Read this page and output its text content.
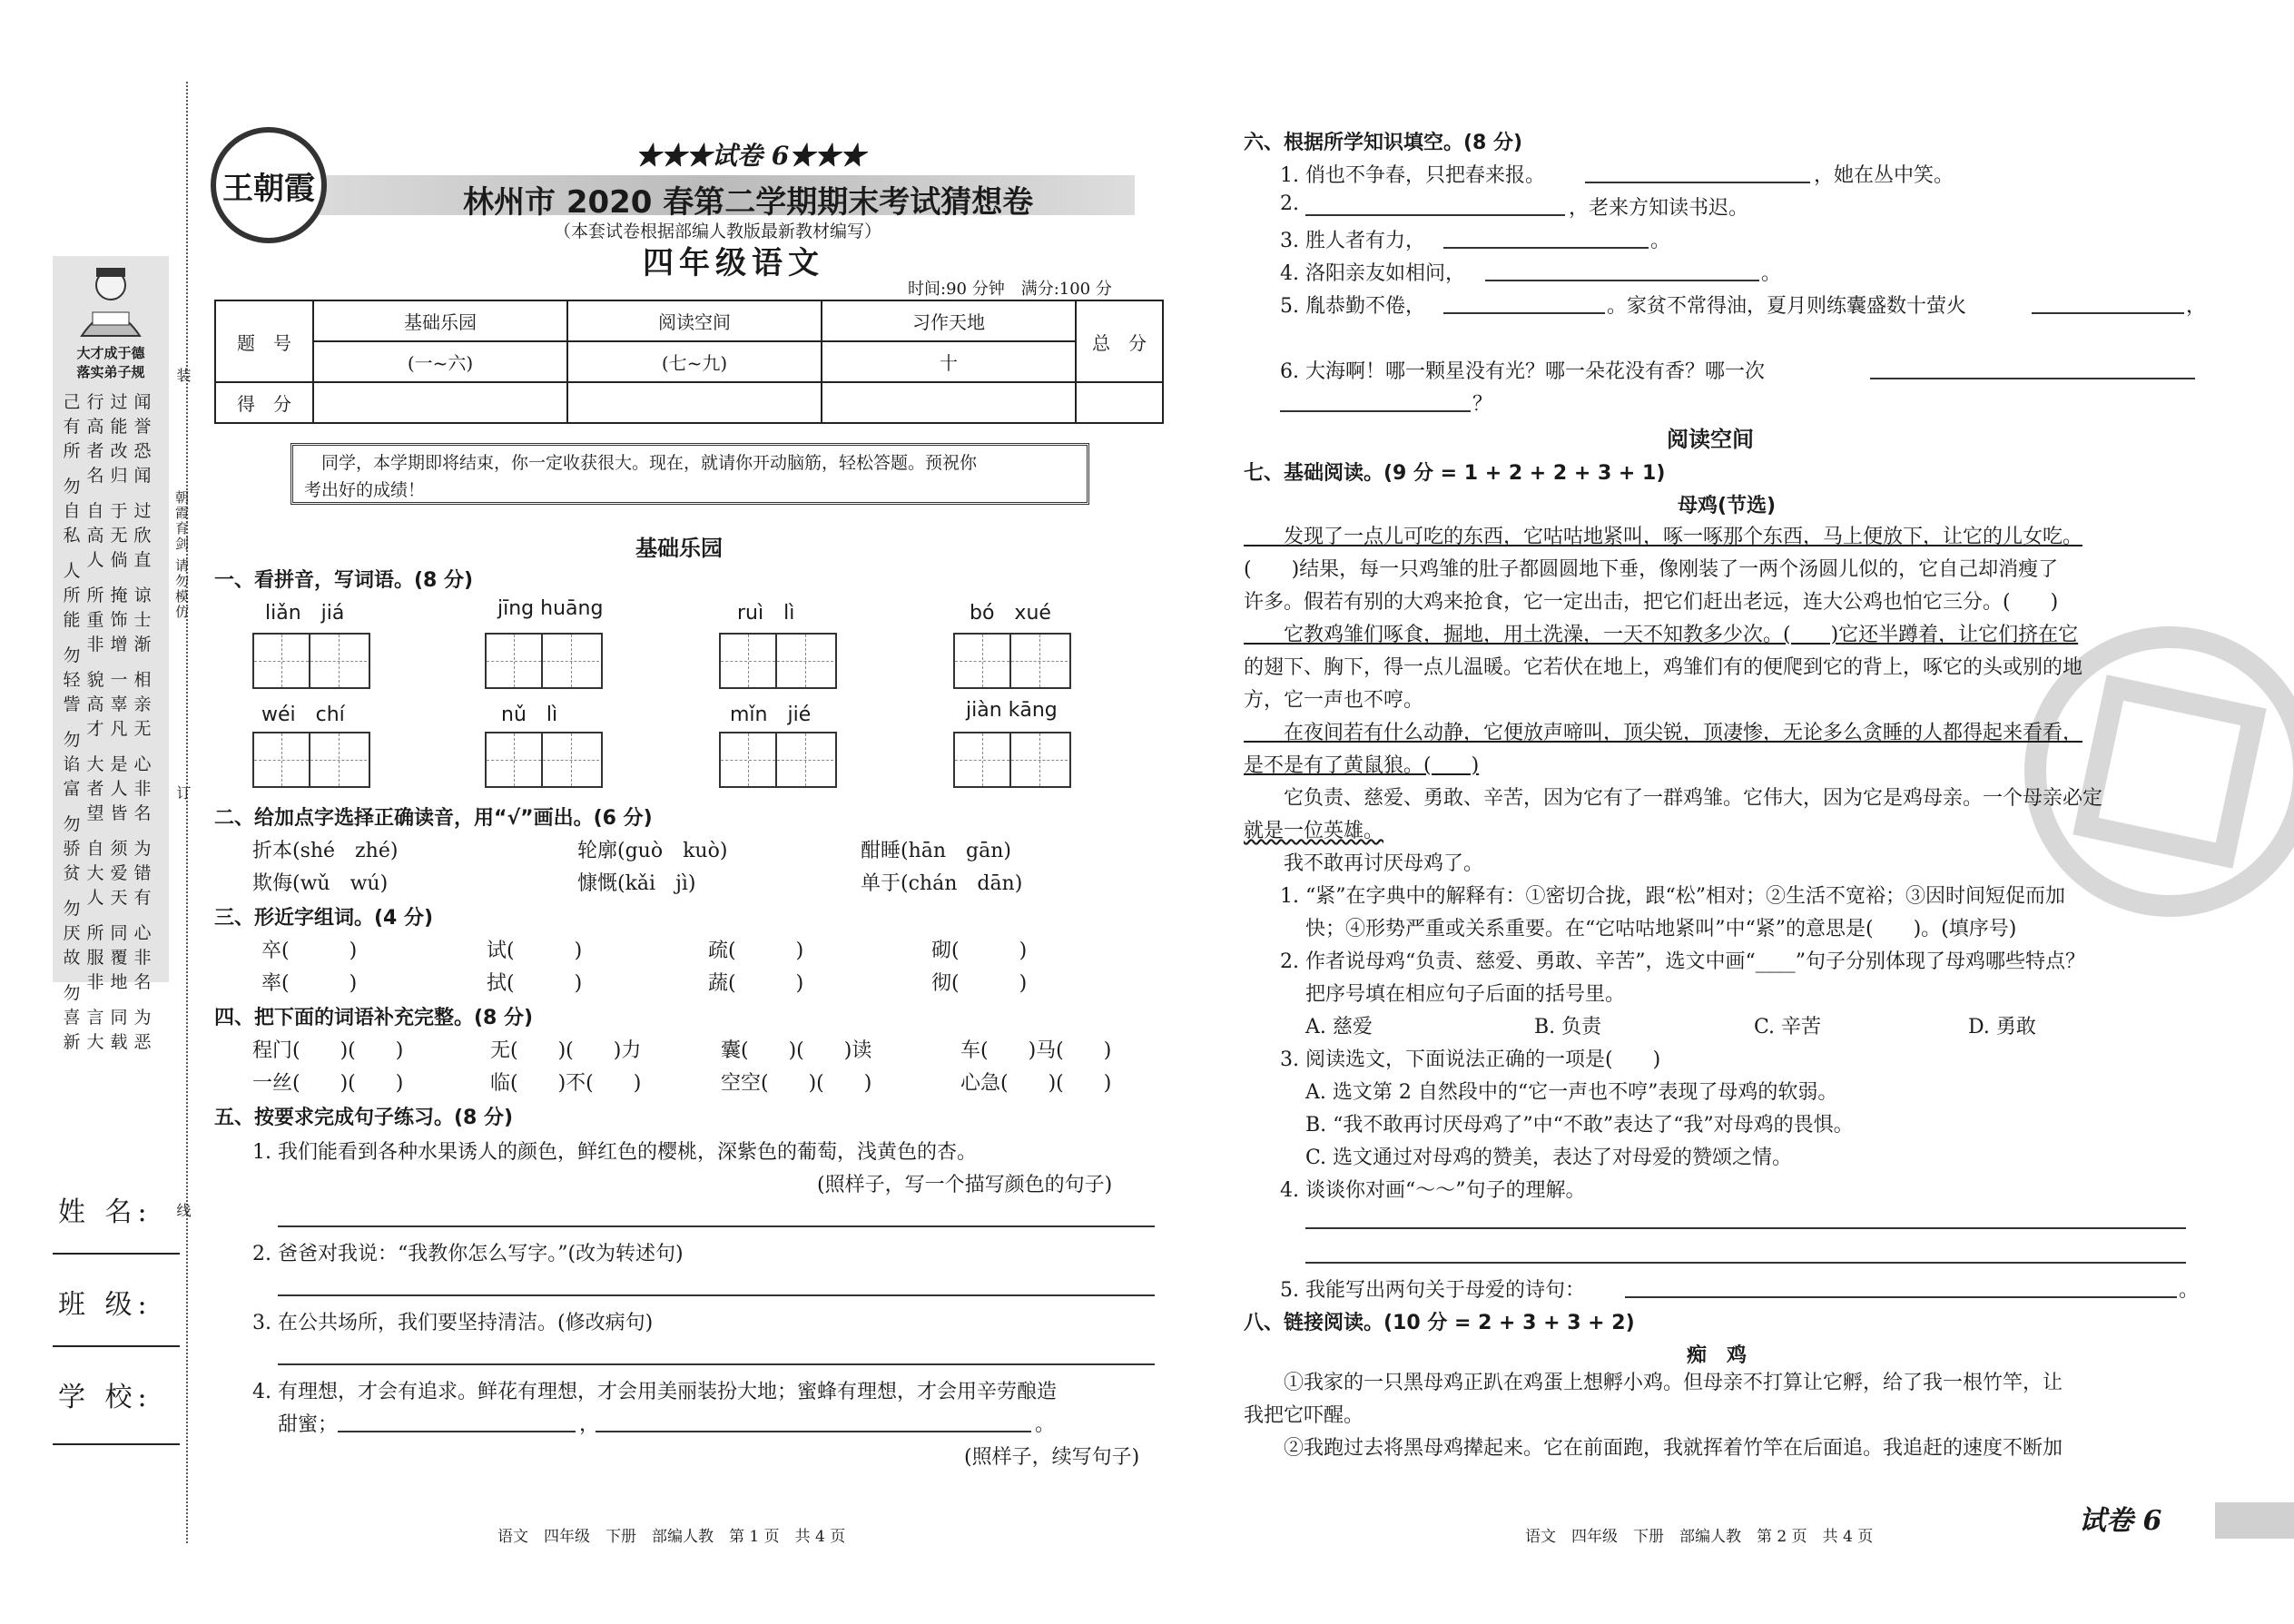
装
订
线
朝霞育剑 请勿模仿
大才成于德
落实弟子规
己 行 过 闻
有 高 能 誉
所 者 改 恐
勿
名 归 闻
自 自 于 过
私 高 无 欣
人
人 倘 直
所 所 掩 谅
能 重 饰 士
勿
非 增 渐
轻 貌 一 相
訾 高 辜 亲
勿
才 凡 无
谄 大 是 心
富 者 人 非
勿
望 皆 名
骄 自 须 为
贫 大 爱 错
勿
人 天 有
厌 所 同 心
故 服 覆 非
勿
非 地 名
喜 言 同 为
新 大 载 恶
姓 名:
班 级:
学 校:
王朝霞
★★★试卷 6★★★
林州市 2020 春第二学期期末考试猜想卷
（本套试卷根据部编人教版最新教材编写）
四年级语文
时间:90 分钟　满分:100 分
题　号	基础乐园	阅读空间	习作天地	总　分
	(一~六)	(七~九)	十	
得　分				
　同学，本学期即将结束，你一定收获很大。现在，就请你开动脑筋，轻松答题。预祝你
考出好的成绩！
基础乐园
一、看拼音，写词语。(8 分)
liǎn　jiá	jīng huāng	ruì　lì	bó　xué
wéi　chí	nǔ　lì	mǐn　jié	jiàn kāng
二、给加点字选择正确读音，用“√”画出。(6 分)
折本(shé　zhé)	轮廓(guò　kuò)	酣睡(hān　gān)
欺侮(wǔ　wú)	慷慨(kǎi　jì)	单于(chán　dān)
三、形近字组词。(4 分)
卒(　　　)	试(　　　)	疏(　　　)	砌(　　　)
率(　　　)	拭(　　　)	蔬(　　　)	彻(　　　)
四、把下面的词语补充完整。(8 分)
程门(　　)(　　)	无(　　)(　　)力	囊(　　)(　　)读	车(　　)马(　　)
一丝(　　)(　　)	临(　　)不(　　)	空空(　　)(　　)	心急(　　)(　　)
五、按要求完成句子练习。(8 分)
1. 我们能看到各种水果诱人的颜色，鲜红色的樱桃，深紫色的葡萄，浅黄色的杏。
(照样子，写一个描写颜色的句子)
2. 爸爸对我说：“我教你怎么写字。”(改为转述句)
3. 在公共场所，我们要坚持清洁。(修改病句)
4. 有理想，才会有追求。鲜花有理想，才会用美丽装扮大地；蜜蜂有理想，才会用辛劳酿造
甜蜜；	，	。
(照样子，续写句子)
语文　四年级　下册　部编人教　第 1 页　共 4 页
六、根据所学知识填空。(8 分)
1. 俏也不争春，只把春来报。	，她在丛中笑。
2.	，老来方知读书迟。
3. 胜人者有力，	。
4. 洛阳亲友如相问，	。
5. 胤恭勤不倦，	。家贫不常得油，夏月则练囊盛数十萤火	，
6. 大海啊！哪一颗星没有光？哪一朵花没有香？哪一次
？
阅读空间
七、基础阅读。(9 分 = 1 + 2 + 2 + 3 + 1)
母鸡(节选)
　　发现了一点儿可吃的东西，它咕咕地紧叫，啄一啄那个东西，马上便放下，让它的儿女吃。
(　　)结果，每一只鸡雏的肚子都圆圆地下垂，像刚装了一两个汤圆儿似的，它自己却消瘦了
许多。假若有别的大鸡来抢食，它一定出击，把它们赶出老远，连大公鸡也怕它三分。(　　)
　　它教鸡雏们啄食，掘地，用土洗澡，一天不知教多少次。(　　)它还半蹲着，让它们挤在它
的翅下、胸下，得一点儿温暖。它若伏在地上，鸡雏们有的便爬到它的背上，啄它的头或别的地
方，它一声也不哼。
　　在夜间若有什么动静，它便放声啼叫，顶尖锐，顶凄惨，无论多么贪睡的人都得起来看看，
是不是有了黄鼠狼。(　　)
　　它负责、慈爱、勇敢、辛苦，因为它有了一群鸡雏。它伟大，因为它是鸡母亲。一个母亲必定
就是一位英雄。
　　我不敢再讨厌母鸡了。
1. “紧”在字典中的解释有：①密切合拢，跟“松”相对；②生活不宽裕；③因时间短促而加
快；④形势严重或关系重要。在“它咕咕地紧叫”中“紧”的意思是(　　)。(填序号)
2. 作者说母鸡“负责、慈爱、勇敢、辛苦”，选文中画“____”句子分别体现了母鸡哪些特点？
把序号填在相应句子后面的括号里。
A. 慈爱	B. 负责	C. 辛苦	D. 勇敢
3. 阅读选文，下面说法正确的一项是(　　)
A. 选文第 2 自然段中的“它一声也不哼”表现了母鸡的软弱。
B. “我不敢再讨厌母鸡了”中“不敢”表达了“我”对母鸡的畏惧。
C. 选文通过对母鸡的赞美，表达了对母爱的赞颂之情。
4. 谈谈你对画“～～”句子的理解。
5. 我能写出两句关于母爱的诗句：	。
八、链接阅读。(10 分 = 2 + 3 + 3 + 2)
痴　鸡
　　①我家的一只黑母鸡正趴在鸡蛋上想孵小鸡。但母亲不打算让它孵，给了我一根竹竿，让
我把它吓醒。
　　②我跑过去将黑母鸡撵起来。它在前面跑，我就挥着竹竿在后面追。我追赶的速度不断加
语文　四年级　下册　部编人教　第 2 页　共 4 页	试卷 6
